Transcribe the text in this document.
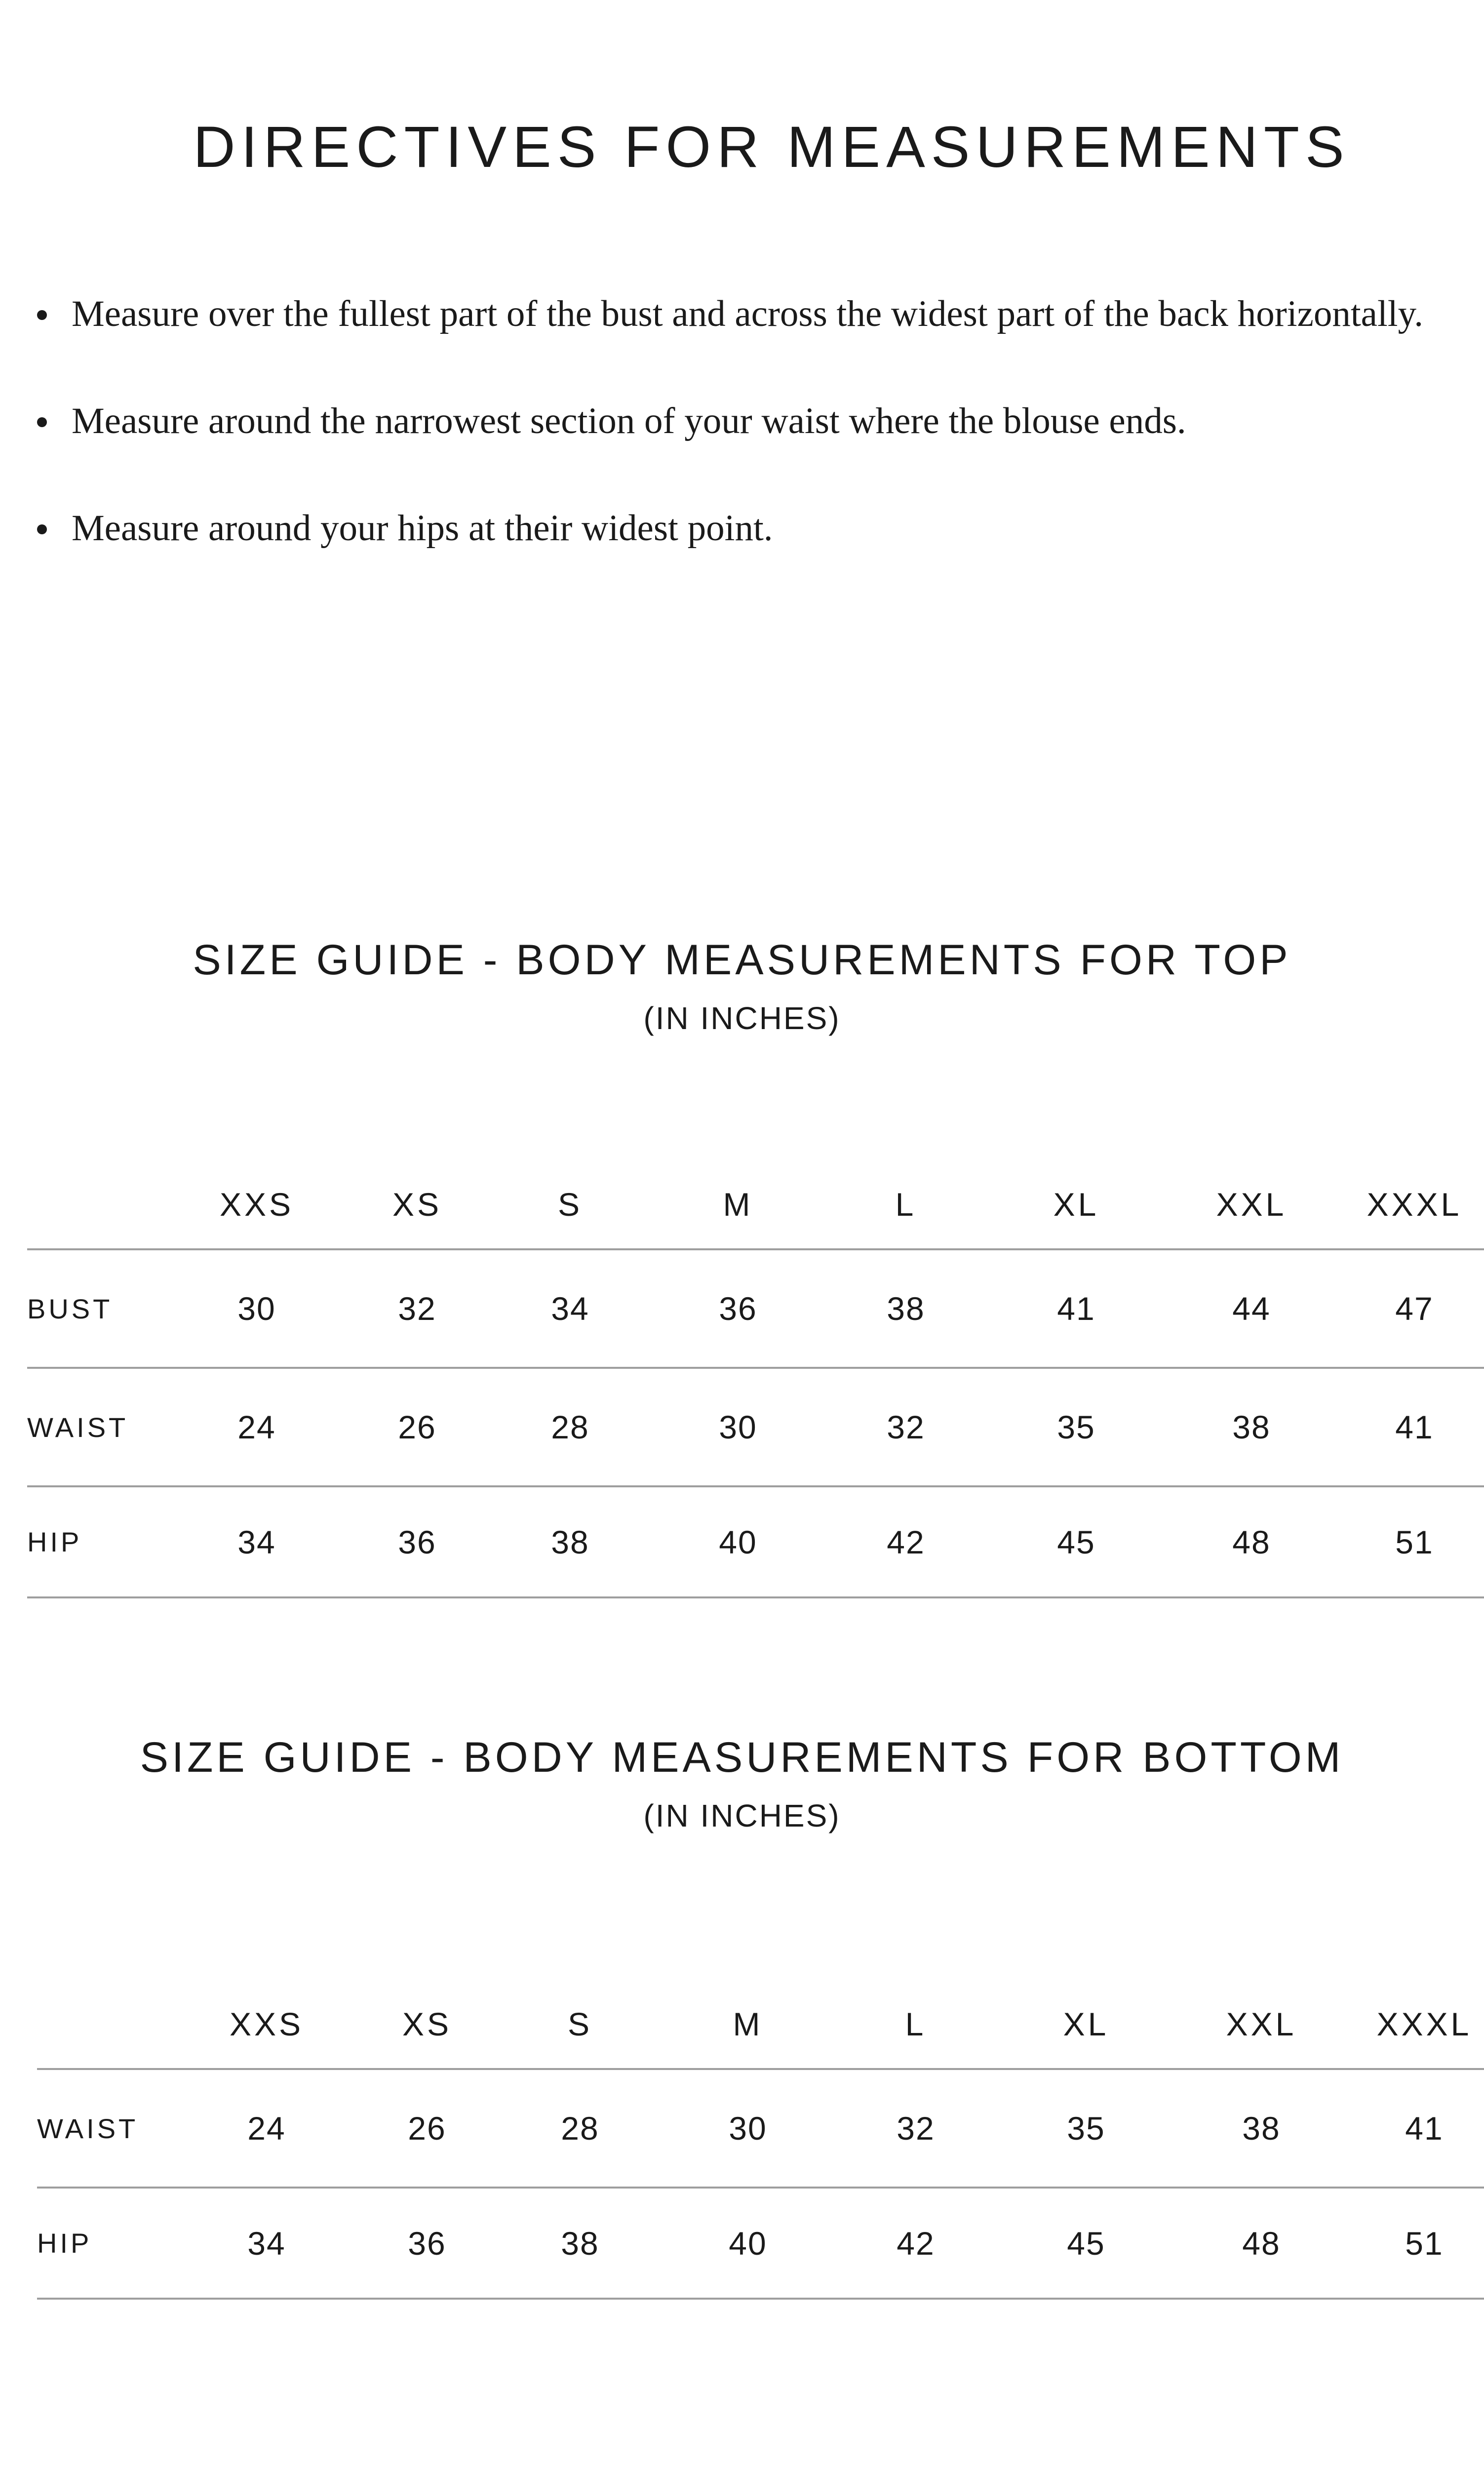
DIRECTIVES FOR MEASUREMENTS
Measure over the fullest part of the bust and across the widest part of the back horizontally.
Measure around the narrowest section of your waist where the blouse ends.
Measure around your hips at their widest point.
SIZE GUIDE - BODY MEASUREMENTS FOR TOP

(IN INCHES)

	XXS	XS	S	M	L	XL	XXL	XXXL
BUST	30	32	34	36	38	41	44	47
WAIST	24	26	28	30	32	35	38	41
HIP	34	36	38	40	42	45	48	51
SIZE GUIDE - BODY MEASUREMENTS FOR BOTTOM

(IN INCHES)

	XXS	XS	S	M	L	XL	XXL	XXXL
WAIST	24	26	28	30	32	35	38	41
HIP	34	36	38	40	42	45	48	51
